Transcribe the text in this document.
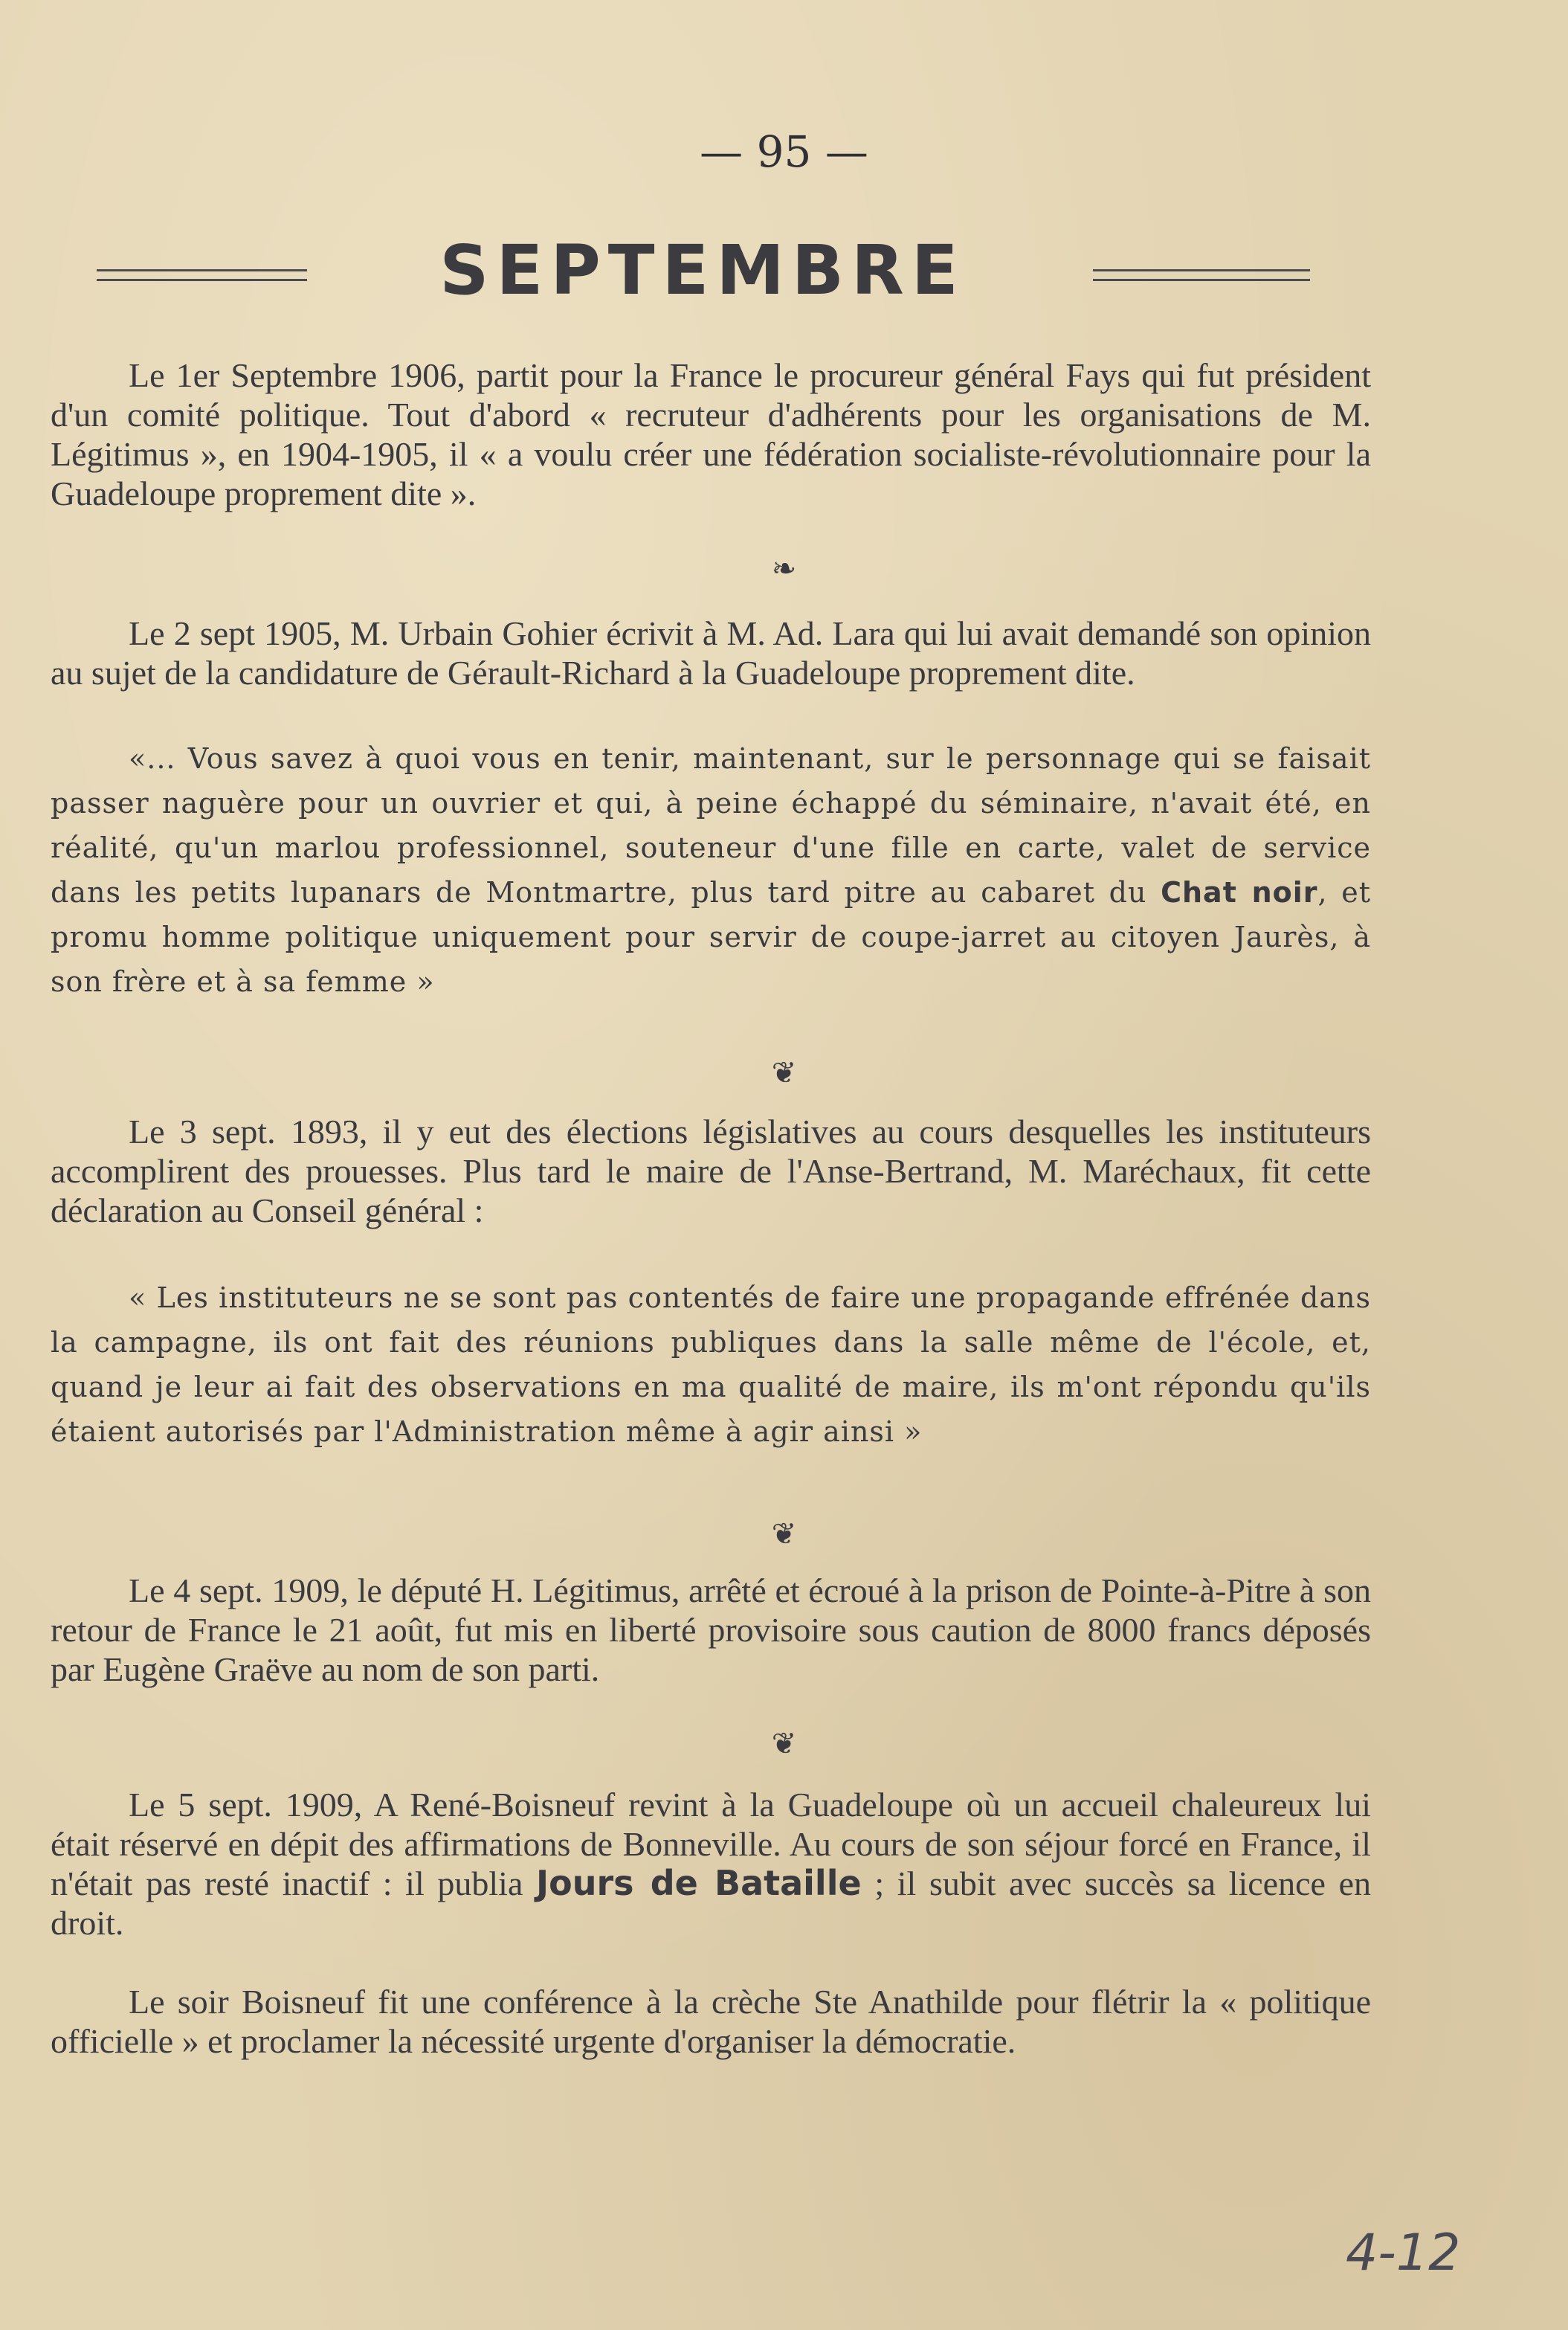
— 95 —
SEPTEMBRE
Le 1er Septembre 1906, partit pour la France le procureur général Fays qui fut président d'un comité politique. Tout d'abord « recruteur d'adhérents pour les organisations de M. Légitimus », en 1904-1905, il « a voulu créer une fédération socialiste-révolutionnaire pour la Guadeloupe proprement dite ».
❧
Le 2 sept 1905, M. Urbain Gohier écrivit à M. Ad. Lara qui lui avait demandé son opinion au sujet de la candidature de Gérault-Richard à la Guadeloupe proprement dite.
«... Vous savez à quoi vous en tenir, maintenant, sur le personnage qui se faisait passer naguère pour un ouvrier et qui, à peine échappé du séminaire, n'avait été, en réalité, qu'un marlou professionnel, souteneur d'une fille en carte, valet de service dans les petits lupanars de Montmartre, plus tard pitre au cabaret du Chat noir, et promu homme politique uniquement pour servir de coupe-jarret au citoyen Jaurès, à son frère et à sa femme »
❦
Le 3 sept. 1893, il y eut des élections législatives au cours desquelles les instituteurs accomplirent des prouesses. Plus tard le maire de l'Anse-Bertrand, M. Maréchaux, fit cette déclaration au Conseil général :
« Les instituteurs ne se sont pas contentés de faire une propagande effrénée dans la campagne, ils ont fait des réunions publiques dans la salle même de l'école, et, quand je leur ai fait des observations en ma qualité de maire, ils m'ont répondu qu'ils étaient autorisés par l'Administration même à agir ainsi »
❦
Le 4 sept. 1909, le député H. Légitimus, arrêté et écroué à la prison de Pointe-à-Pitre à son retour de France le 21 août, fut mis en liberté provisoire sous caution de 8000 francs déposés par Eugène Graëve au nom de son parti.
❦
Le 5 sept. 1909, A René-Boisneuf revint à la Guadeloupe où un accueil chaleureux lui était réservé en dépit des affirmations de Bonneville. Au cours de son séjour forcé en France, il n'était pas resté inactif : il publia Jours de Bataille ; il subit avec succès sa licence en droit.
Le soir Boisneuf fit une conférence à la crèche Ste Anathilde pour flétrir la « politique officielle » et proclamer la nécessité urgente d'organiser la démocratie.
4-12
